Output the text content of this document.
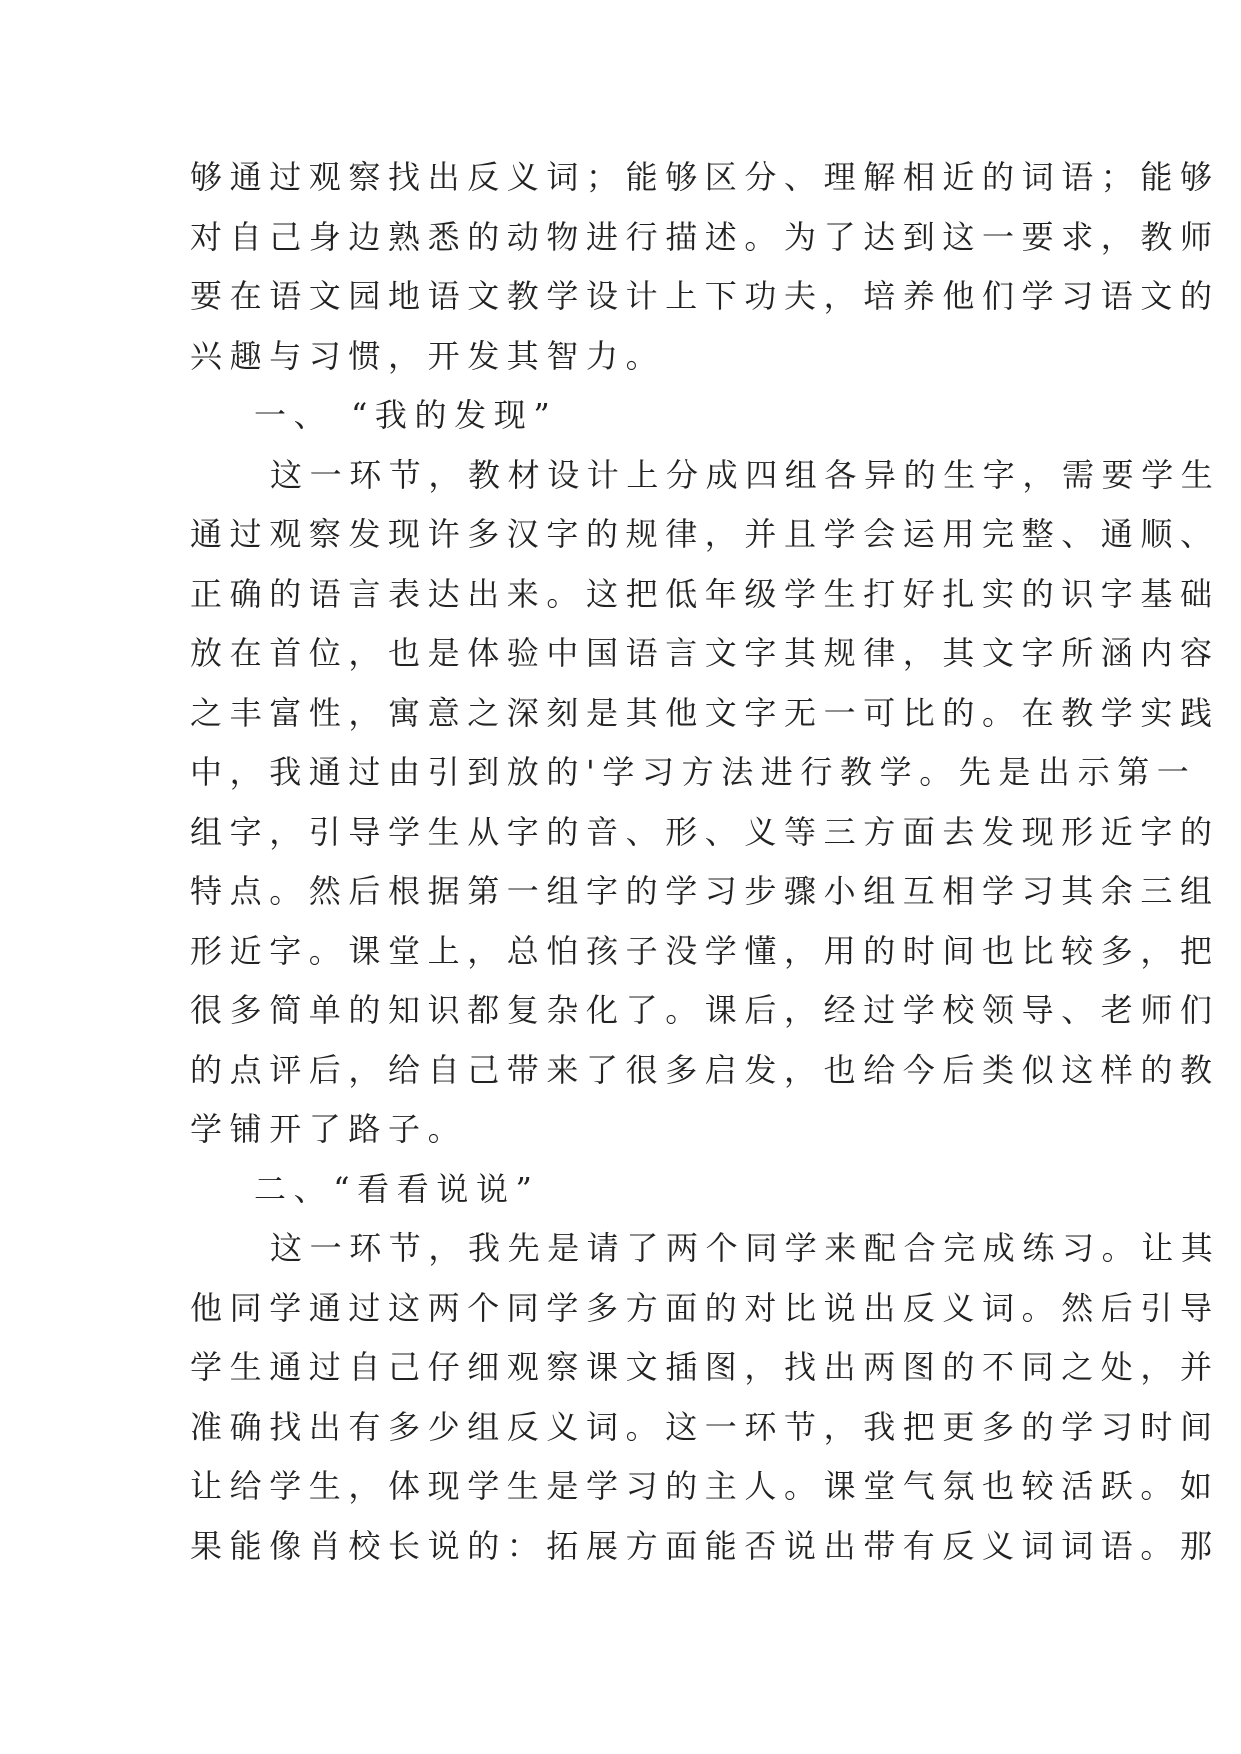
够通过观察找出反义词；能够区分、理解相近的词语；能够
对自己身边熟悉的动物进行描述。为了达到这一要求，教师
要在语文园地语文教学设计上下功夫，培养他们学习语文的
兴趣与习惯，开发其智力。
一、 “我的发现”
这一环节，教材设计上分成四组各异的生字，需要学生
通过观察发现许多汉字的规律，并且学会运用完整、通顺、
正确的语言表达出来。这把低年级学生打好扎实的识字基础
放在首位，也是体验中国语言文字其规律，其文字所涵内容
之丰富性，寓意之深刻是其他文字无一可比的。在教学实践
中，我通过由引到放的'学习方法进行教学。先是出示第一
组字，引导学生从字的音、形、义等三方面去发现形近字的
特点。然后根据第一组字的学习步骤小组互相学习其余三组
形近字。课堂上，总怕孩子没学懂，用的时间也比较多，把
很多简单的知识都复杂化了。课后，经过学校领导、老师们
的点评后，给自己带来了很多启发，也给今后类似这样的教
学铺开了路子。
二、“看看说说”
这一环节，我先是请了两个同学来配合完成练习。让其
他同学通过这两个同学多方面的对比说出反义词。然后引导
学生通过自己仔细观察课文插图，找出两图的不同之处，并
准确找出有多少组反义词。这一环节，我把更多的学习时间
让给学生，体现学生是学习的主人。课堂气氛也较活跃。如
果能像肖校长说的：拓展方面能否说出带有反义词词语。那
